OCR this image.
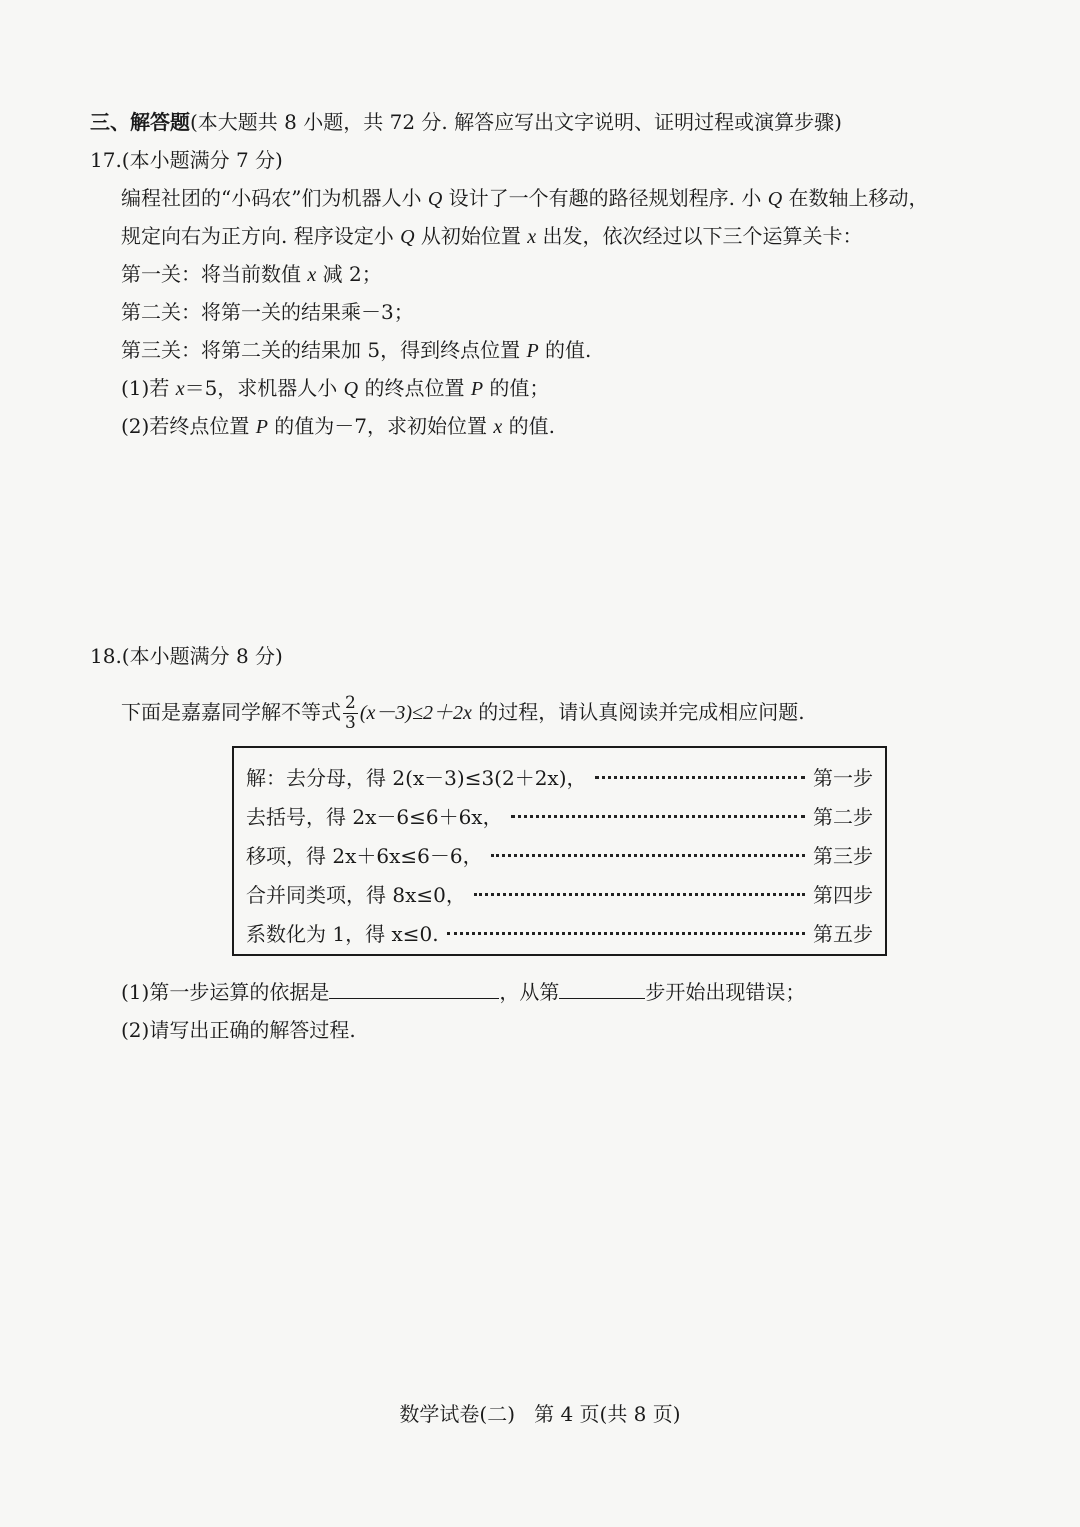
三、解答题(本大题共 8 小题，共 72 分. 解答应写出文字说明、证明过程或演算步骤)
17.(本小题满分 7 分)
编程社团的“小码农”们为机器人小 Q 设计了一个有趣的路径规划程序. 小 Q 在数轴上移动，
规定向右为正方向. 程序设定小 Q 从初始位置 x 出发，依次经过以下三个运算关卡：
第一关：将当前数值 x 减 2；
第二关：将第一关的结果乘－3；
第三关：将第二关的结果加 5，得到终点位置 P 的值.
(1)若 x＝5，求机器人小 Q 的终点位置 P 的值；
(2)若终点位置 P 的值为－7，求初始位置 x 的值.
18.(本小题满分 8 分)
下面是嘉嘉同学解不等式 $\frac{2}{3} (x-3)\le 2+2x$ 的过程，请认真阅读并完成相应问题.
解：去分母，得 2(x－3)≤3(2＋2x)，	第一步
去括号，得 2x－6≤6＋6x，	第二步
移项，得 2x＋6x≤6－6，	第三步
合并同类项，得 8x≤0，	第四步
系数化为 1，得 x≤0.	第五步
(1)第一步运算的依据是	，从第	步开始出现错误；
(2)请写出正确的解答过程.
数学试卷(二)   第 4 页(共 8 页)
